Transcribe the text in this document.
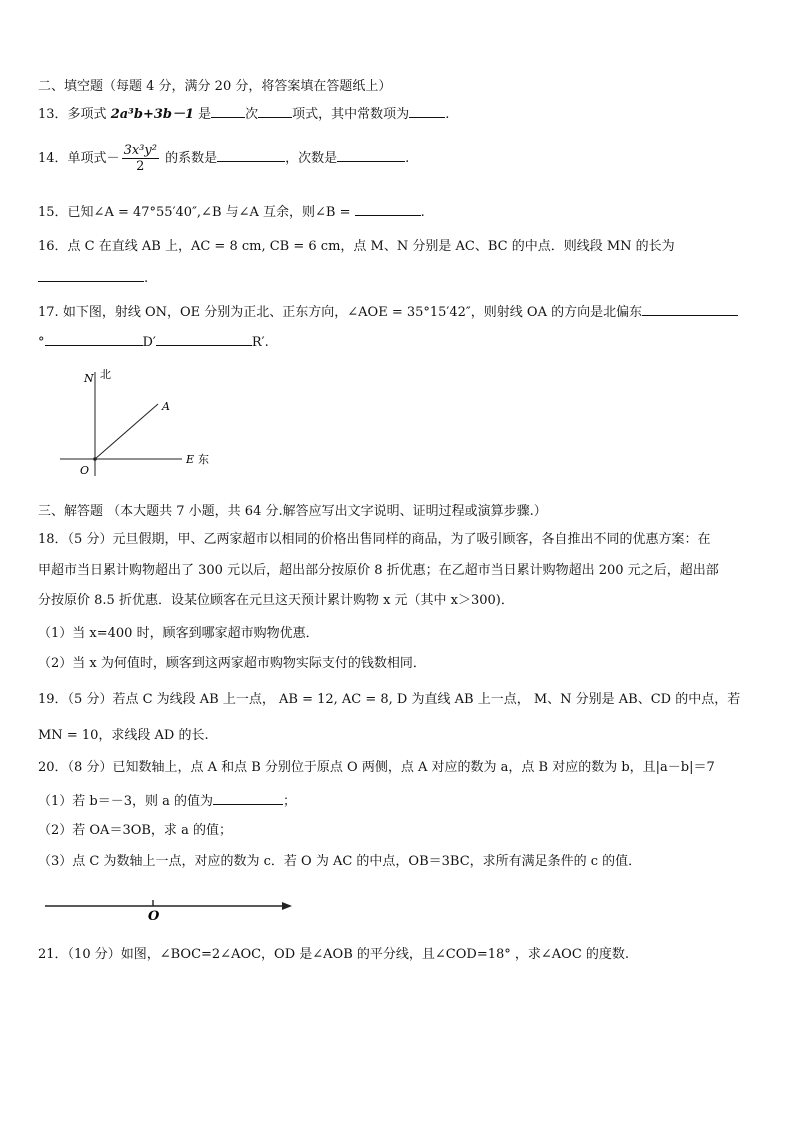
二、填空题（每题 4 分，满分 20 分，将答案填在答题纸上）
13．多项式 2a³b+3b－1 是	次	项式，其中常数项为	.
14．单项式－ $\frac{\text{3x³y²}}{2}$ 的系数是	，次数是	.
15．已知∠A = 47°55′40″,∠B 与∠A 互余，则∠B =	.
16．点 C 在直线 AB 上，AC = 8 cm, CB = 6 cm，点 M、N 分别是 AC、BC 的中点．则线段 MN 的长为
.
17. 如下图，射线 ON，OE 分别为正北、正东方向，∠AOE = 35°15′42″，则射线 OA 的方向是北偏东
°	D′	R′.
N 北
A
O
E 东
三、解答题 （本大题共 7 小题，共 64 分.解答应写出文字说明、证明过程或演算步骤.）
18．（5 分）元旦假期，甲、乙两家超市以相同的价格出售同样的商品，为了吸引顾客，各自推出不同的优惠方案：在
甲超市当日累计购物超出了 300 元以后，超出部分按原价 8 折优惠；在乙超市当日累计购物超出 200 元之后，超出部
分按原价 8.5 折优惠．设某位顾客在元旦这天预计累计购物 x 元（其中 x＞300)．
（1）当 x=400 时，顾客到哪家超市购物优惠．
（2）当 x 为何值时，顾客到这两家超市购物实际支付的钱数相同．
19．（5 分）若点 C 为线段 AB 上一点， AB = 12, AC = 8, D 为直线 AB 上一点， M、N 分别是 AB、CD 的中点，若
MN = 10，求线段 AD 的长.
20．（8 分）已知数轴上，点 A 和点 B 分别位于原点 O 两侧，点 A 对应的数为 a，点 B 对应的数为 b，且|a－b|＝7
（1）若 b＝－3，则 a 的值为	；
（2）若 OA＝3OB，求 a 的值；
（3）点 C 为数轴上一点，对应的数为 c．若 O 为 AC 的中点，OB＝3BC，求所有满足条件的 c 的值．
O
21．（10 分）如图，∠BOC=2∠AOC，OD 是∠AOB 的平分线，且∠COD=18° ，求∠AOC 的度数.
